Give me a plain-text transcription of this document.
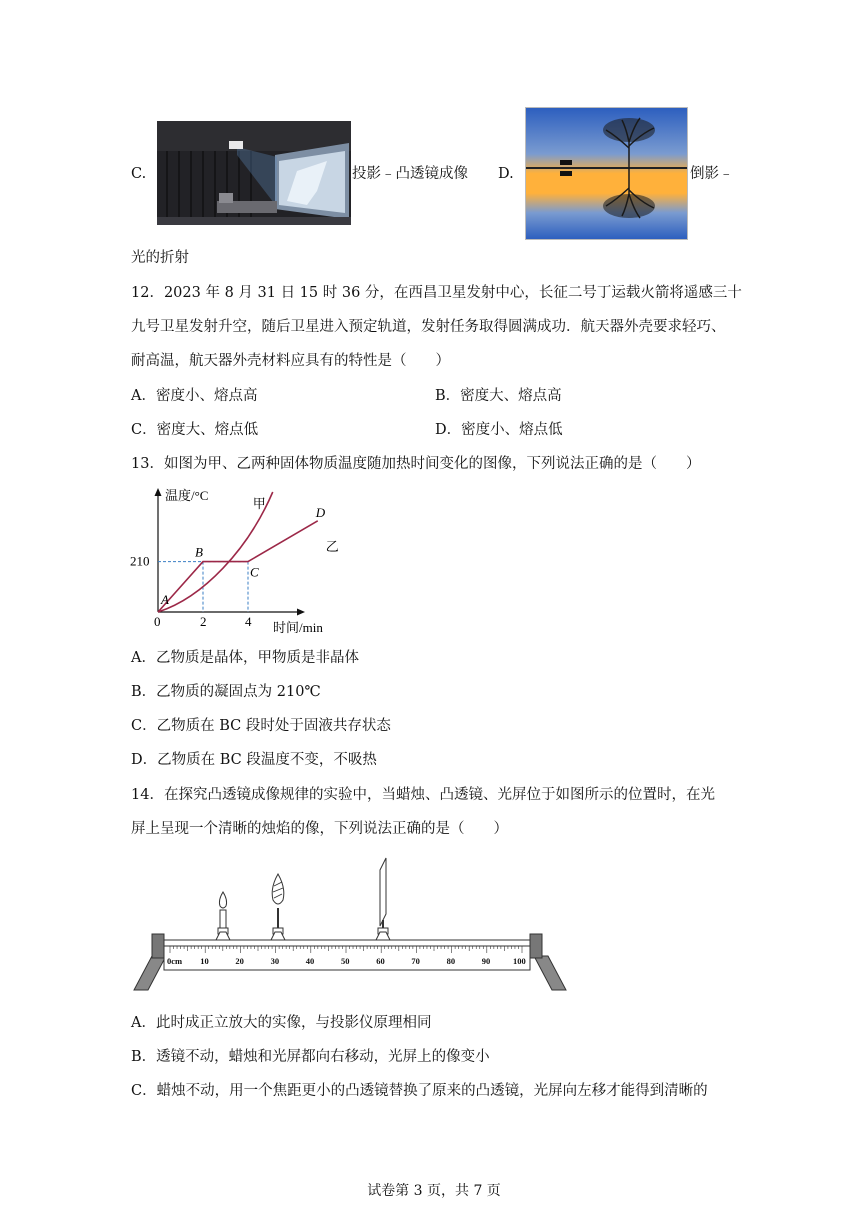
C.	投影﹣凸透镜成像 D.	倒影﹣
光的折射
12．2023 年 8 月 31 日 15 时 36 分，在西昌卫星发射中心，长征二号丁运载火箭将遥感三十
九号卫星发射升空，随后卫星进入预定轨道，发射任务取得圆满成功．航天器外壳要求轻巧、
耐高温，航天器外壳材料应具有的特性是（　　）
A．密度小、熔点高	B．密度大、熔点高
C．密度大、熔点低	D．密度小、熔点低
13．如图为甲、乙两种固体物质温度随加热时间变化的图像，下列说法正确的是（　　）
温度/°C
时间/min
0	2	4
210
甲
乙
A
B
C
D
A．乙物质是晶体，甲物质是非晶体
B．乙物质的凝固点为 210℃
C．乙物质在 BC 段时处于固液共存状态
D．乙物质在 BC 段温度不变，不吸热
14．在探究凸透镜成像规律的实验中，当蜡烛、凸透镜、光屏位于如图所示的位置时，在光
屏上呈现一个清晰的烛焰的像，下列说法正确的是（　　）
0cm 10	20	30	40	50	60	70	80	90	100
A．此时成正立放大的实像，与投影仪原理相同
B．透镜不动，蜡烛和光屏都向右移动，光屏上的像变小
C．蜡烛不动，用一个焦距更小的凸透镜替换了原来的凸透镜，光屏向左移才能得到清晰的
试卷第 3 页，共 7 页
